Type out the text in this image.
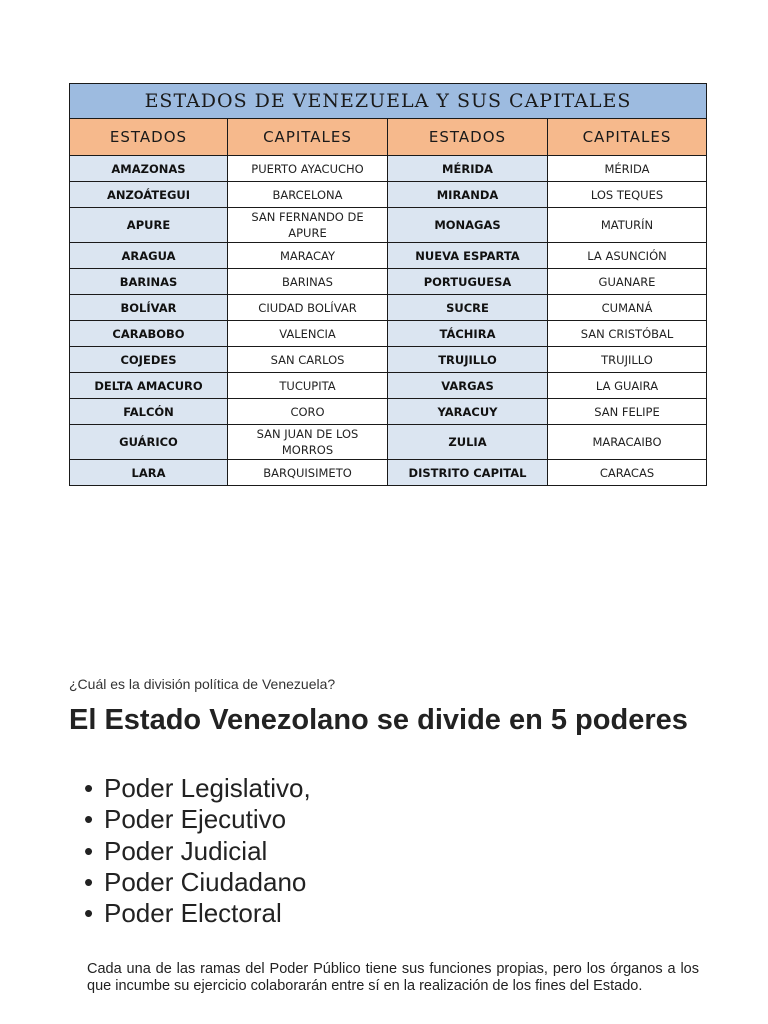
ESTADOS DE VENEZUELA Y SUS CAPITALES			
ESTADOS	CAPITALES	ESTADOS	CAPITALES
AMAZONAS	PUERTO AYACUCHO	MÉRIDA	MÉRIDA
ANZOÁTEGUI	BARCELONA	MIRANDA	LOS TEQUES
APURE	SAN FERNANDO DE APURE	MONAGAS	MATURÍN
ARAGUA	MARACAY	NUEVA ESPARTA	LA ASUNCIÓN
BARINAS	BARINAS	PORTUGUESA	GUANARE
BOLÍVAR	CIUDAD BOLÍVAR	SUCRE	CUMANÁ
CARABOBO	VALENCIA	TÁCHIRA	SAN CRISTÓBAL
COJEDES	SAN CARLOS	TRUJILLO	TRUJILLO
DELTA AMACURO	TUCUPITA	VARGAS	LA GUAIRA
FALCÓN	CORO	YARACUY	SAN FELIPE
GUÁRICO	SAN JUAN DE LOS MORROS	ZULIA	MARACAIBO
LARA	BARQUISIMETO	DISTRITO CAPITAL	CARACAS
¿Cuál es la división política de Venezuela?
El Estado Venezolano se divide en 5 poderes
• Poder Legislativo,
• Poder Ejecutivo
• Poder Judicial
• Poder Ciudadano
• Poder Electoral

Cada una de las ramas del Poder Público tiene sus funciones propias, pero los órganos a los que incumbe su ejercicio colaborarán entre sí en la realización de los fines del Estado.
